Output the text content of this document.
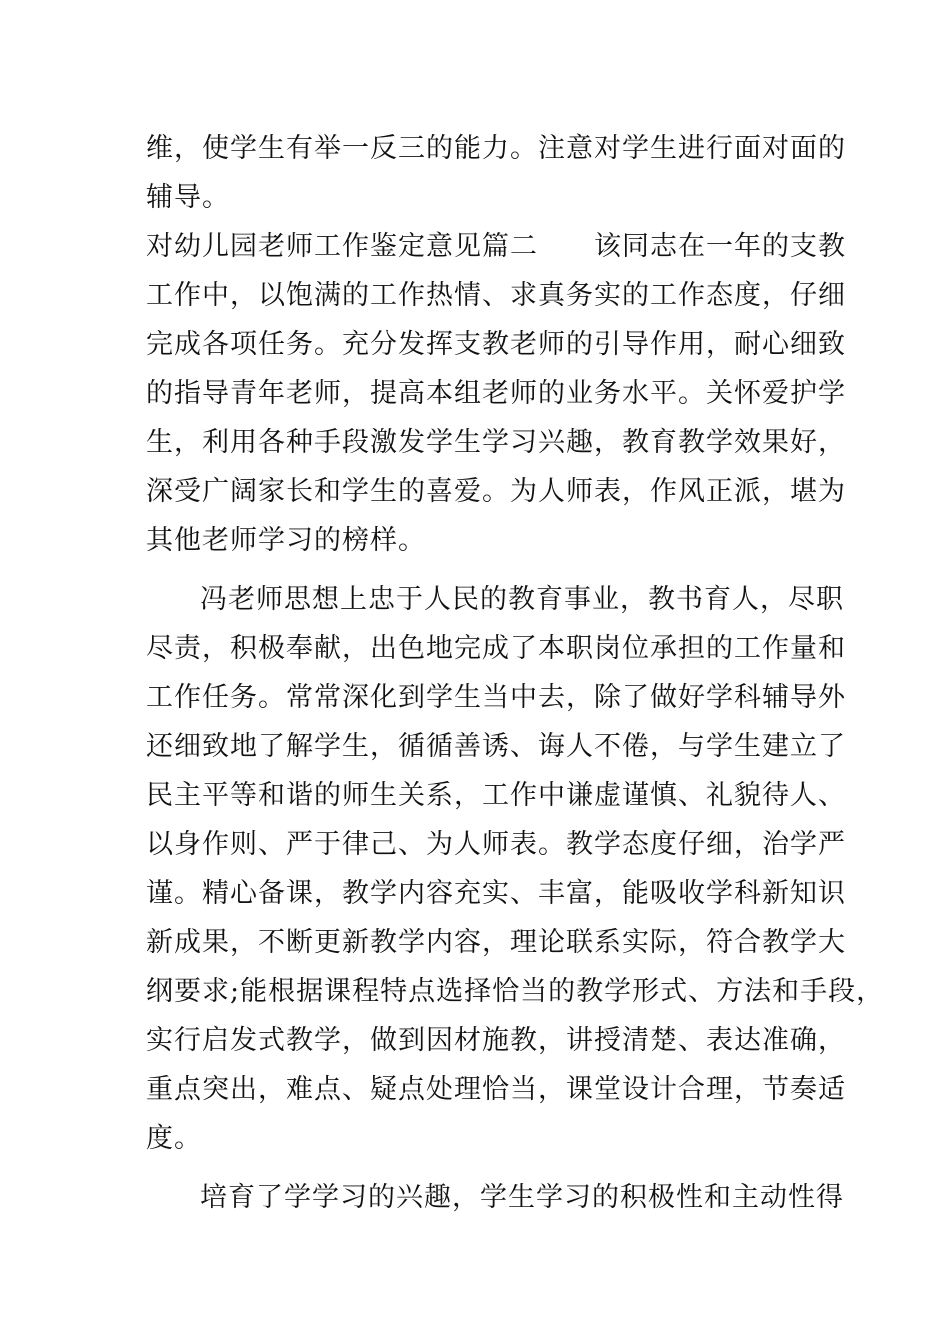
维，使学生有举一反三的能力。注意对学生进行面对面的

辅导。

对幼儿园老师工作鉴定意见篇二　　该同志在一年的支教

工作中，以饱满的工作热情、求真务实的工作态度，仔细

完成各项任务。充分发挥支教老师的引导作用，耐心细致

的指导青年老师，提高本组老师的业务水平。关怀爱护学

生，利用各种手段激发学生学习兴趣，教育教学效果好，

深受广阔家长和学生的喜爱。为人师表，作风正派，堪为

其他老师学习的榜样。

冯老师思想上忠于人民的教育事业，教书育人，尽职

尽责，积极奉献，出色地完成了本职岗位承担的工作量和

工作任务。常常深化到学生当中去，除了做好学科辅导外

还细致地了解学生，循循善诱、诲人不倦，与学生建立了

民主平等和谐的师生关系，工作中谦虚谨慎、礼貌待人、

以身作则、严于律己、为人师表。教学态度仔细，治学严

谨。精心备课，教学内容充实、丰富，能吸收学科新知识

新成果，不断更新教学内容，理论联系实际，符合教学大

纲要求;能根据课程特点选择恰当的教学形式、方法和手段，

实行启发式教学，做到因材施教，讲授清楚、表达准确，

重点突出，难点、疑点处理恰当，课堂设计合理，节奏适

度。

培育了学学习的兴趣，学生学习的积极性和主动性得
